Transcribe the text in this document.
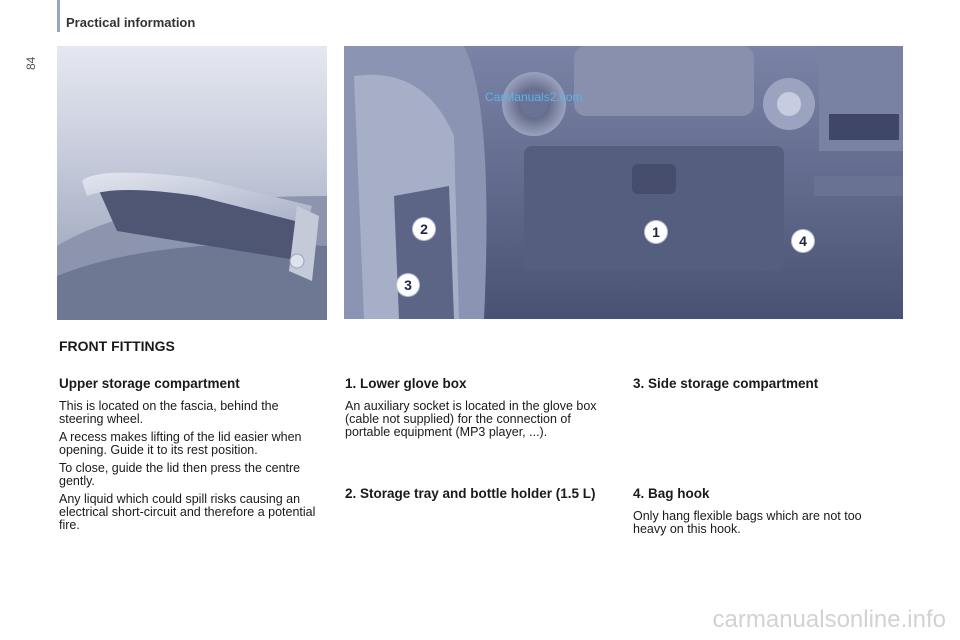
Practical information
84
1
2
3
4
CarManuals2.com
FRONT FITTINGS
Upper storage compartment

This is located on the fascia, behind the steering wheel.

A recess makes lifting of the lid easier when opening. Guide it to its rest position.

To close, guide the lid then press the centre gently.

Any liquid which could spill risks causing an electrical short-circuit and therefore a potential fire.

1. Lower glove box

An auxiliary socket is located in the glove box (cable not supplied) for the connection of portable equipment (MP3 player, ...).

2. Storage tray and bottle holder (1.5 L)
3. Side storage compartment
4. Bag hook

Only hang flexible bags which are not too heavy on this hook.

carmanualsonline.info
